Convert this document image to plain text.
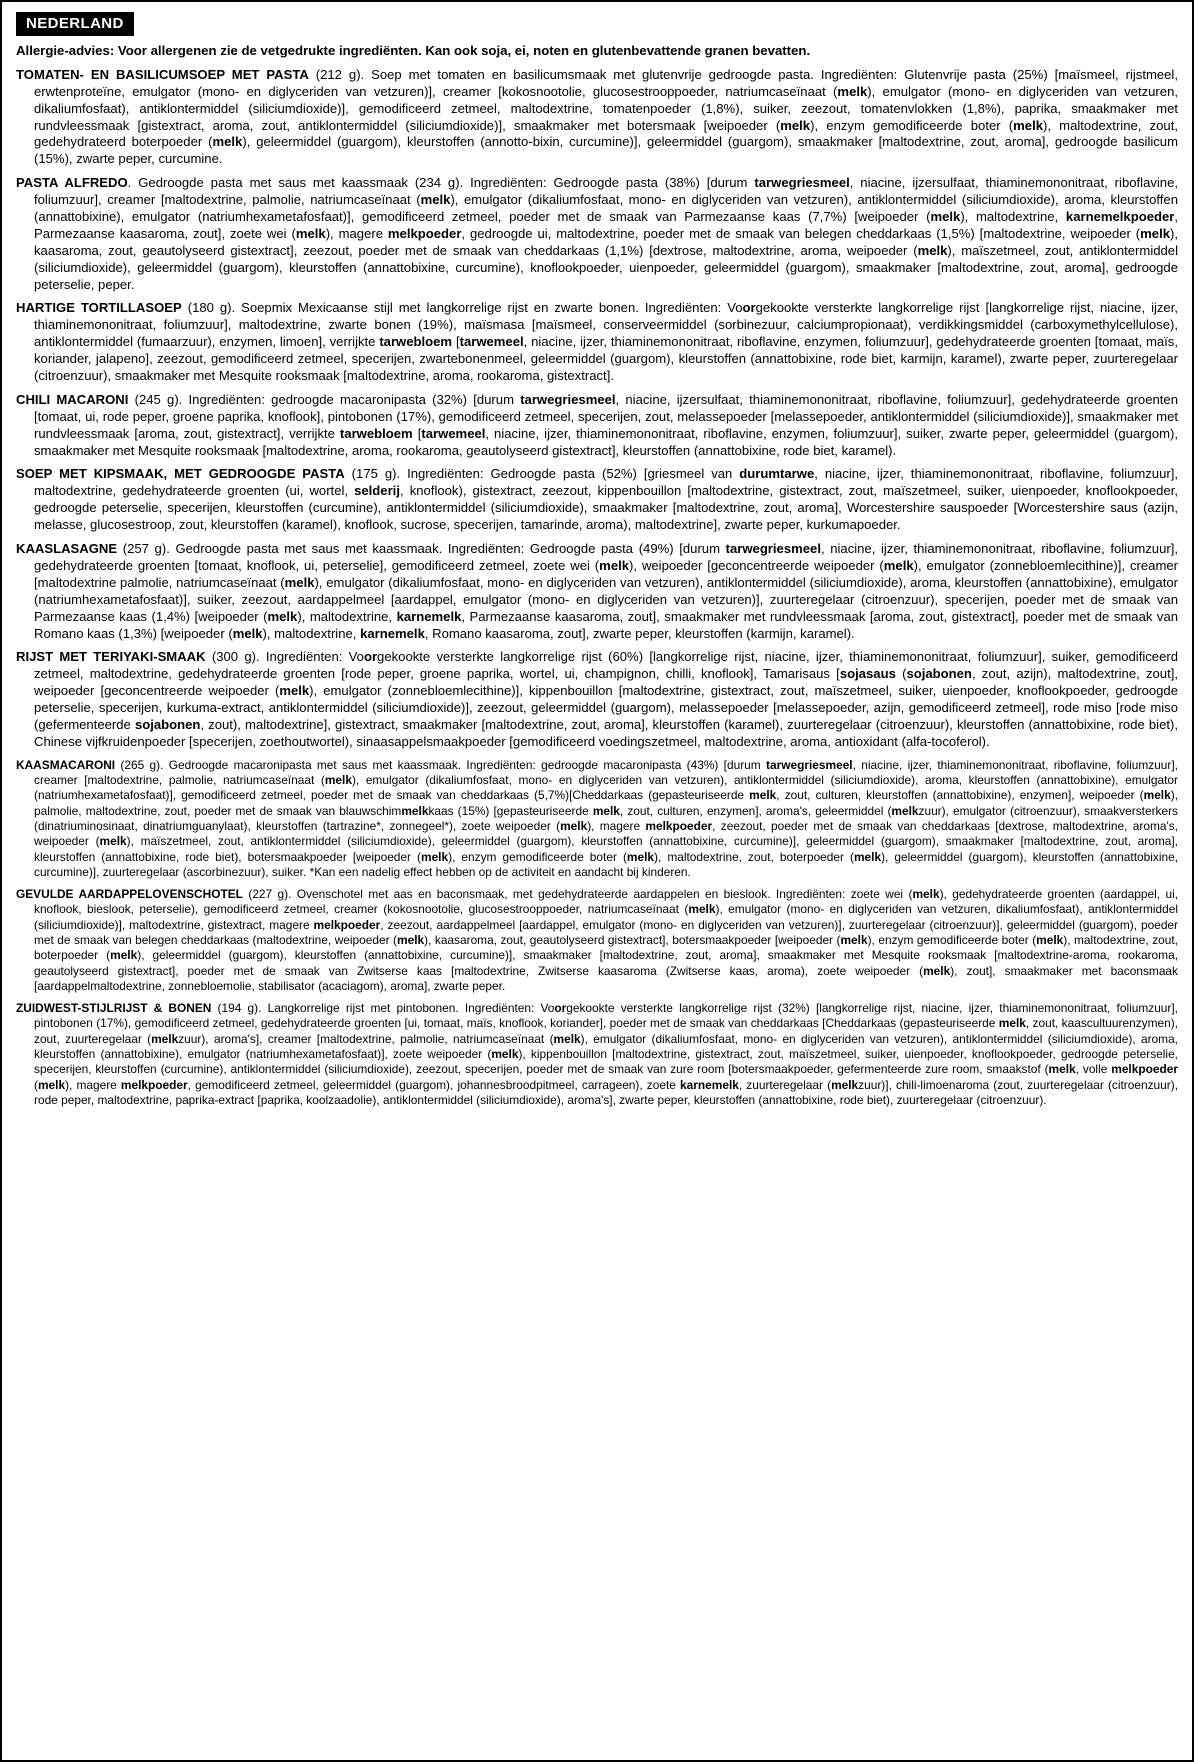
NEDERLAND
Allergie-advies: Voor allergenen zie de vetgedrukte ingrediënten. Kan ook soja, ei, noten en glutenbevattende granen bevatten.
TOMATEN- EN BASILICUMSOEP MET PASTA (212 g). Soep met tomaten en basilicumsmaak met glutenvrije gedroogde pasta. Ingrediënten: Glutenvrije pasta (25%) [maïsmeel, rijstmeel, erwtenproteïne, emulgator (mono- en diglyceriden van vetzuren)], creamer [kokosnootolie, glucosestrooppoeder, natriumcaseïnaat (melk), emulgator (mono- en diglyceriden van vetzuren, dikaliumfosfaat), antiklontermiddel (siliciumdioxide)], gemodificeerd zetmeel, maltodextrine, tomatenpoeder (1,8%), suiker, zeezout, tomatenvlokken (1,8%), paprika, smaakmaker met rundvleessmaak [gistextract, aroma, zout, antiklontermiddel (siliciumdioxide)], smaakmaker met botersmaak [weipoeder (melk), enzym gemodificeerde boter (melk), maltodextrine, zout, gedehydrateerd boterpoeder (melk), geleermiddel (guargom), kleurstoffen (annotto-bixin, curcumine)], geleermiddel (guargom), smaakmaker [maltodextrine, zout, aroma], gedroogde basilicum (15%), zwarte peper, curcumine.
PASTA ALFREDO. Gedroogde pasta met saus met kaassmaak (234 g). Ingrediënten: Gedroogde pasta (38%) [durum tarwegriesmeel, niacine, ijzersulfaat, thiaminemononitraat, riboflavine, foliumzuur], creamer [maltodextrine, palmolie, natriumcaseïnaat (melk), emulgator (dikaliumfosfaat, mono- en diglyceriden van vetzuren), antiklontermiddel (siliciumdioxide), aroma, kleurstoffen (annattobixine), emulgator (natriumhexametafosfaat)], gemodificeerd zetmeel, poeder met de smaak van Parmezaanse kaas (7,7%) [weipoeder (melk), maltodextrine, karnemelkpoeder, Parmezaanse kaasaroma, zout], zoete wei (melk), magere melkpoeder, gedroogde ui, maltodextrine, poeder met de smaak van belegen cheddarkaas (1,5%) [maltodextrine, weipoeder (melk), kaasaroma, zout, geautolyseerd gistextract], zeezout, poeder met de smaak van cheddarkaas (1,1%) [dextrose, maltodextrine, aroma, weipoeder (melk), maïszetmeel, zout, antiklontermiddel (siliciumdioxide), geleermiddel (guargom), kleurstoffen (annattobixine, curcumine), knoflookpoeder, uienpoeder, geleermiddel (guargom), smaakmaker [maltodextrine, zout, aroma], gedroogde peterselie, peper.
HARTIGE TORTILLASOEP (180 g). Soepmix Mexicaanse stijl met langkorrelige rijst en zwarte bonen. Ingrediënten: Voorgekookte versterkte langkorrelige rijst [langkorrelige rijst, niacine, ijzer, thiaminemononitraat, foliumzuur], maltodextrine, zwarte bonen (19%), maïsmasa [maïsmeel, conserveermiddel (sorbinezuur, calciumpropionaat), verdikkingsmiddel (carboxymethylcellulose), antiklontermiddel (fumaarzuur), enzymen, limoen], verrijkte tarwebloem [tarwemeel, niacine, ijzer, thiaminemononitraat, riboflavine, enzymen, foliumzuur], gedehydrateerde groenten [tomaat, maïs, koriander, jalapeno], zeezout, gemodificeerd zetmeel, specerijen, zwartebonenmeel, geleermiddel (guargom), kleurstoffen (annattobixine, rode biet, karmijn, karamel), zwarte peper, zuurteregelaar (citroenzuur), smaakmaker met Mesquite rooksmaak [maltodextrine, aroma, rookaroma, gistextract].
CHILI MACARONI (245 g). Ingrediënten: gedroogde macaronipasta (32%) [durum tarwegriesmeel, niacine, ijzersulfaat, thiaminemononitraat, riboflavine, foliumzuur], gedehydrateerde groenten [tomaat, ui, rode peper, groene paprika, knoflook], pintobonen (17%), gemodificeerd zetmeel, specerijen, zout, melassepoeder [melassepoeder, antiklontermiddel (siliciumdioxide)], smaakmaker met rundvleessmaak [aroma, zout, gistextract], verrijkte tarwebloem [tarwemeel, niacine, ijzer, thiaminemononitraat, riboflavine, enzymen, foliumzuur], suiker, zwarte peper, geleermiddel (guargom), smaakmaker met Mesquite rooksmaak [maltodextrine, aroma, rookaroma, geautolyseerd gistextract], kleurstoffen (annattobixine, rode biet, karamel).
SOEP MET KIPSMAAK, MET GEDROOGDE PASTA (175 g). Ingrediënten: Gedroogde pasta (52%) [griesmeel van durumtarwe, niacine, ijzer, thiaminemononitraat, riboflavine, foliumzuur], maltodextrine, gedehydrateerde groenten (ui, wortel, selderij, knoflook), gistextract, zeezout, kippenbouillon [maltodextrine, gistextract, zout, maïszetmeel, suiker, uienpoeder, knoflookpoeder, gedroogde peterselie, specerijen, kleurstoffen (curcumine), antiklontermiddel (siliciumdioxide), smaakmaker [maltodextrine, zout, aroma], Worcestershire sauspoeder [Worcestershire saus (azijn, melasse, glucosestroop, zout, kleurstoffen (karamel), knoflook, sucrose, specerijen, tamarinde, aroma), maltodextrine], zwarte peper, kurkumapoeder.
KAASLASAGNE (257 g). Gedroogde pasta met saus met kaassmaak. Ingrediënten: Gedroogde pasta (49%) [durum tarwegriesmeel, niacine, ijzer, thiaminemononitraat, riboflavine, foliumzuur], gedehydrateerde groenten [tomaat, knoflook, ui, peterselie], gemodificeerd zetmeel, zoete wei (melk), weipoeder [geconcentreerde weipoeder (melk), emulgator (zonnebloemlecithine)], creamer [maltodextrine palmolie, natriumcaseïnaat (melk), emulgator (dikaliumfosfaat, mono- en diglyceriden van vetzuren), antiklontermiddel (siliciumdioxide), aroma, kleurstoffen (annattobixine), emulgator (natriumhexametafosfaat)], suiker, zeezout, aardappelmeel [aardappel, emulgator (mono- en diglyceriden van vetzuren)], zuurteregelaar (citroenzuur), specerijen, poeder met de smaak van Parmezaanse kaas (1,4%) [weipoeder (melk), maltodextrine, karnemelk, Parmezaanse kaasaroma, zout], smaakmaker met rundvleessmaak [aroma, zout, gistextract], poeder met de smaak van Romano kaas (1,3%) [weipoeder (melk), maltodextrine, karnemelk, Romano kaasaroma, zout], zwarte peper, kleurstoffen (karmijn, karamel).
RIJST MET TERIYAKI-SMAAK (300 g). Ingrediënten: Voorgekookte versterkte langkorrelige rijst (60%) [langkorrelige rijst, niacine, ijzer, thiaminemononitraat, foliumzuur], suiker, gemodificeerd zetmeel, maltodextrine, gedehydrateerde groenten [rode peper, groene paprika, wortel, ui, champignon, chilli, knoflook], Tamarisaus [sojasaus (sojabonen, zout, azijn), maltodextrine, zout], weipoeder [geconcentreerde weipoeder (melk), emulgator (zonnebloemlecithine)], kippenbouillon [maltodextrine, gistextract, zout, maïszetmeel, suiker, uienpoeder, knoflookpoeder, gedroogde peterselie, specerijen, kurkuma-extract, antiklontermiddel (siliciumdioxide)], zeezout, geleermiddel (guargom), melassepoeder [melassepoeder, azijn, gemodificeerd zetmeel], rode miso [rode miso (gefermenteerde sojabonen, zout), maltodextrine], gistextract, smaakmaker [maltodextrine, zout, aroma], kleurstoffen (karamel), zuurteregelaar (citroenzuur), kleurstoffen (annattobixine, rode biet), Chinese vijfkruidenpoeder [specerijen, zoethoutwortel), sinaasappelsmaakpoeder [gemodificeerd voedingszetmeel, maltodextrine, aroma, antioxidant (alfa-tocoferol).
KAASMACARONI (265 g). Gedroogde macaronipasta met saus met kaassmaak. Ingrediënten: gedroogde macaronipasta (43%) [durum tarwegriesmeel, niacine, ijzer, thiaminemononitraat, riboflavine, foliumzuur], creamer [maltodextrine, palmolie, natriumcaseïnaat (melk), emulgator (dikaliumfosfaat, mono- en diglyceriden van vetzuren), antiklontermiddel (siliciumdioxide), aroma, kleurstoffen (annattobixine), emulgator (natriumhexametafosfaat)], gemodificeerd zetmeel, poeder met de smaak van cheddarkaas (5,7%)[Cheddarkaas (gepasteuriseerde melk, zout, culturen, kleurstoffen (annattobixine), enzymen], weipoeder (melk), palmolie, maltodextrine, zout, poeder met de smaak van blauwschimmelkkaas (15%) [gepasteuriseerde melk, zout, culturen, enzymen], aroma's, geleermiddel (melkzuur), emulgator (citroenzuur), smaakversterkers (dinatriuminosinaat, dinatriumguanylaat), kleurstoffen (tartrazine*, zonnegeel*), zoete weipoeder (melk), magere melkpoeder, zeezout, poeder met de smaak van cheddarkaas [dextrose, maltodextrine, aroma's, weipoeder (melk), maïszetmeel, zout, antiklontermiddel (siliciumdioxide), geleermiddel (guargom), kleurstoffen (annattobixine, curcumine)], geleermiddel (guargom), smaakmaker [maltodextrine, zout, aroma], kleurstoffen (annattobixine, rode biet), botersmaakpoeder [weipoeder (melk), enzym gemodificeerde boter (melk), maltodextrine, zout, boterpoeder (melk), geleermiddel (guargom), kleurstoffen (annattobixine, curcumine)], zuurteregelaar (ascorbinezuur), suiker. *Kan een nadelig effect hebben op de activiteit en aandacht bij kinderen.
GEVULDE AARDAPPELOVENSCHOTEL (227 g). Ovenschotel met aas en baconsmaak, met gedehydrateerde aardappelen en bieslook. Ingrediënten: zoete wei (melk), gedehydrateerde groenten (aardappel, ui, knoflook, bieslook, peterselie), gemodificeerd zetmeel, creamer (kokosnootolie, glucosestrooppoeder, natriumcaseïnaat (melk), emulgator (mono- en diglyceriden van vetzuren, dikaliumfosfaat), antiklontermiddel (siliciumdioxide)], maltodextrine, gistextract, magere melkpoeder, zeezout, aardappelmeel [aardappel, emulgator (mono- en diglyceriden van vetzuren)], zuurteregelaar (citroenzuur)], geleermiddel (guargom), poeder met de smaak van belegen cheddarkaas (maltodextrine, weipoeder (melk), kaasaroma, zout, geautolyseerd gistextract], botersmaakpoeder [weipoeder (melk), enzym gemodificeerde boter (melk), maltodextrine, zout, boterpoeder (melk), geleermiddel (guargom), kleurstoffen (annattobixine, curcumine)], smaakmaker [maltodextrine, zout, aroma], smaakmaker met Mesquite rooksmaak [maltodextrine-aroma, rookaroma, geautolyseerd gistextract], poeder met de smaak van Zwitserse kaas [maltodextrine, Zwitserse kaasaroma (Zwitserse kaas, aroma), zoete weipoeder (melk), zout], smaakmaker met baconsmaak [aardappelmaltodextrine, zonnebloemolie, stabilisator (acaciagom), aroma], zwarte peper.
ZUIDWEST-STIJLRIJST & BONEN (194 g). Langkorrelige rijst met pintobonen. Ingrediënten: Voorgekookte versterkte langkorrelige rijst (32%) [langkorrelige rijst, niacine, ijzer, thiaminemononitraat, foliumzuur], pintobonen (17%), gemodificeerd zetmeel, gedehydrateerde groenten [ui, tomaat, maïs, knoflook, koriander], poeder met de smaak van cheddarkaas [Cheddarkaas (gepasteuriseerde melk, zout, kaascultuurenzymen), zout, zuurteregelaar (melkzuur), aroma's], creamer [maltodextrine, palmolie, natriumcaseïnaat (melk), emulgator (dikaliumfosfaat, mono- en diglyceriden van vetzuren), antiklontermiddel (siliciumdioxide), aroma, kleurstoffen (annattobixine), emulgator (natriumhexametafosfaat)], zoete weipoeder (melk), kippenbouillon [maltodextrine, gistextract, zout, maïszetmeel, suiker, uienpoeder, knoflookpoeder, gedroogde peterselie, specerijen, kleurstoffen (curcumine), antiklontermiddel (siliciumdioxide), zeezout, specerijen, poeder met de smaak van zure room [botersmaakpoeder, gefermenteerde zure room, smaakstof (melk, volle melkpoeder (melk), magere melkpoeder, gemodificeerd zetmeel, geleermiddel (guargom), johannesbroodpitmeel, carrageen), zoete karnemelk, zuurteregelaar (melkzuur)], chili-limoenaroma (zout, zuurteregelaar (citroenzuur), rode peper, maltodextrine, paprika-extract [paprika, koolzaadolie), antiklontermiddel (siliciumdioxide), aroma's], zwarte peper, kleurstoffen (annattobixine, rode biet), zuurteregelaar (citroenzuur).
